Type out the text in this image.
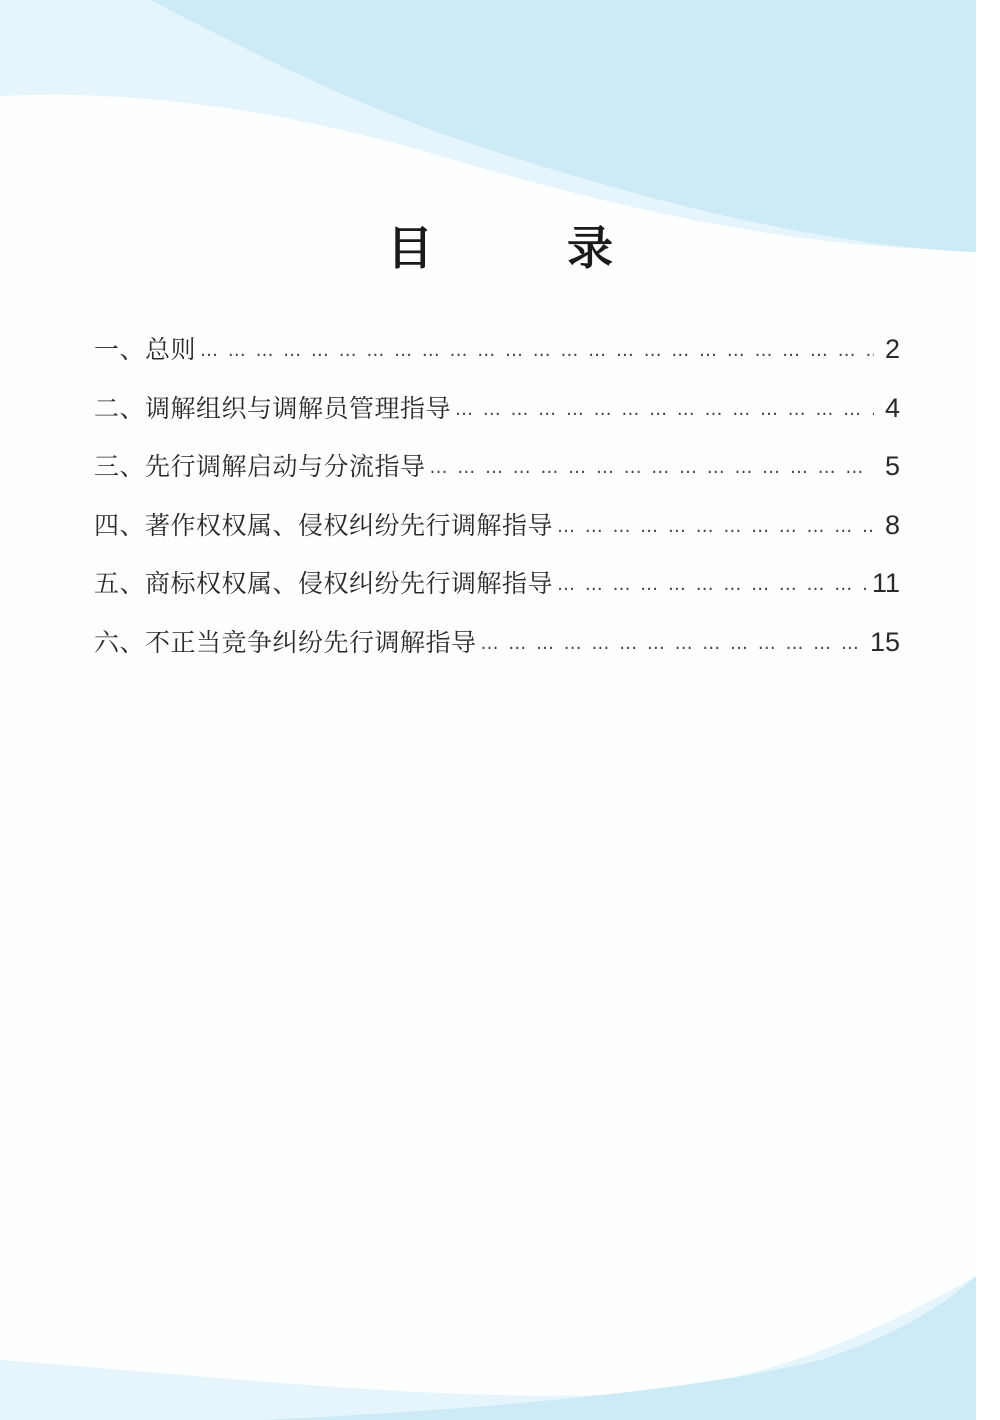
目　录
一、总则 … … … … … … … … … … … … … … … … … … … … … … … … … … … … … … … … … … … … … … … … … … … … … … … … … … … … … … … …	2
二、调解组织与调解员管理指导 … … … … … … … … … … … … … … … … … … … … … … … … … … … … … … … … … … … … … … … … … … … … … … … … … … … … … … … …	4
三、先行调解启动与分流指导 … … … … … … … … … … … … … … … … … … … … … … … … … … … … … … … … … … … … … … … … … … … … … … … … … … … … … … … …	5
四、著作权权属、侵权纠纷先行调解指导 … … … … … … … … … … … … … … … … … … … … … … … … … … … … … … … … … … … … … … … … … … … … … … … … … … … … … … … …	8
五、商标权权属、侵权纠纷先行调解指导 … … … … … … … … … … … … … … … … … … … … … … … … … … … … … … … … … … … … … … … … … … … … … … … … … … … … … … … …	11
六、不正当竞争纠纷先行调解指导 … … … … … … … … … … … … … … … … … … … … … … … … … … … … … … … … … … … … … … … … … … … … … … … … … … … … … … … …	15
